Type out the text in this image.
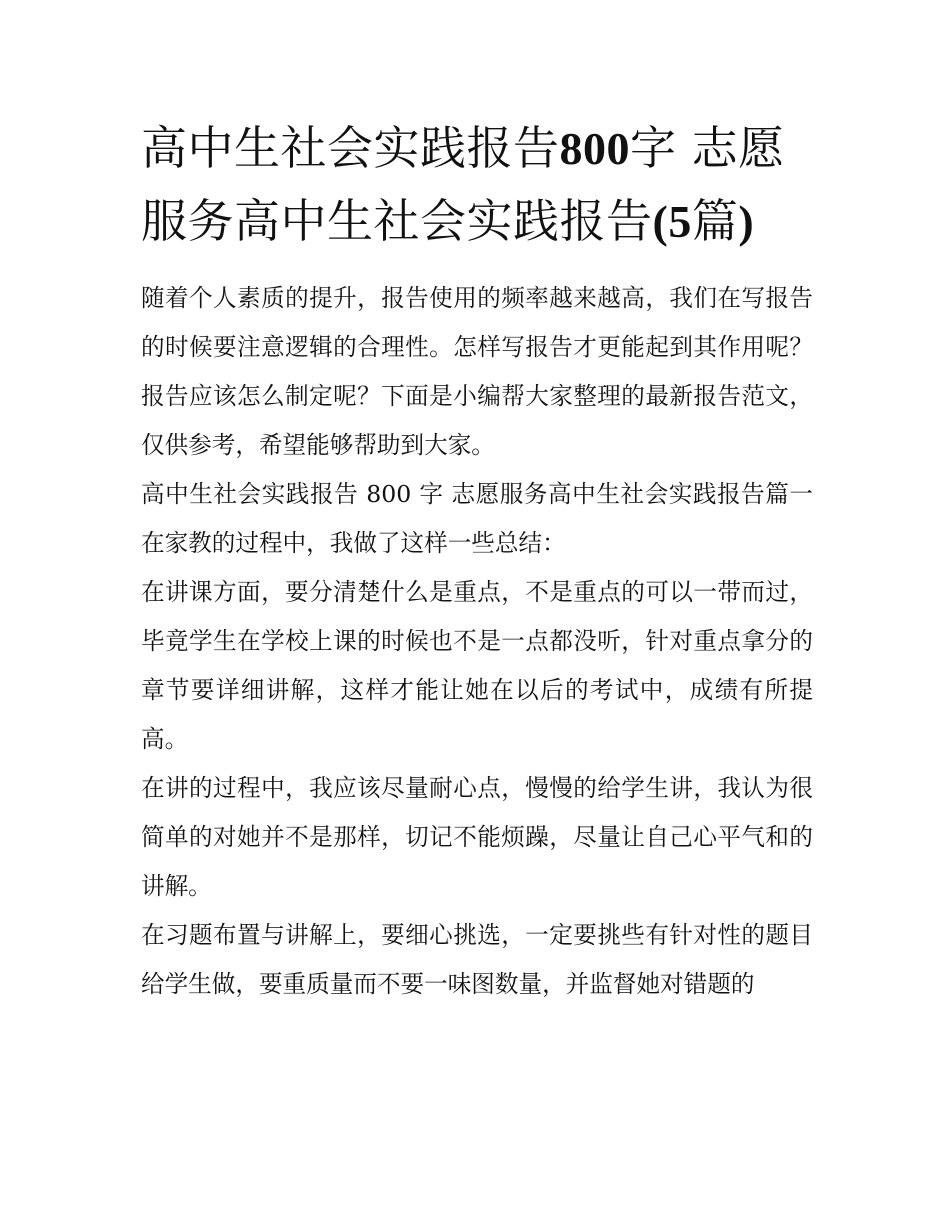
高中生社会实践报告800字 志愿服务高中生社会实践报告(5篇)

随着个人素质的提升，报告使用的频率越来越高，我们在写报告的时候要注意逻辑的合理性。怎样写报告才更能起到其作用呢？报告应该怎么制定呢？下面是小编帮大家整理的最新报告范文，仅供参考，希望能够帮助到大家。

高中生社会实践报告 800 字 志愿服务高中生社会实践报告篇一 在家教的过程中，我做了这样一些总结：

在讲课方面，要分清楚什么是重点，不是重点的可以一带而过，毕竟学生在学校上课的时候也不是一点都没听，针对重点拿分的章节要详细讲解，这样才能让她在以后的考试中，成绩有所提高。

在讲的过程中，我应该尽量耐心点，慢慢的给学生讲，我认为很简单的对她并不是那样，切记不能烦躁，尽量让自己心平气和的讲解。

在习题布置与讲解上，要细心挑选，一定要挑些有针对性的题目给学生做，要重质量而不要一味图数量，并监督她对错题的
